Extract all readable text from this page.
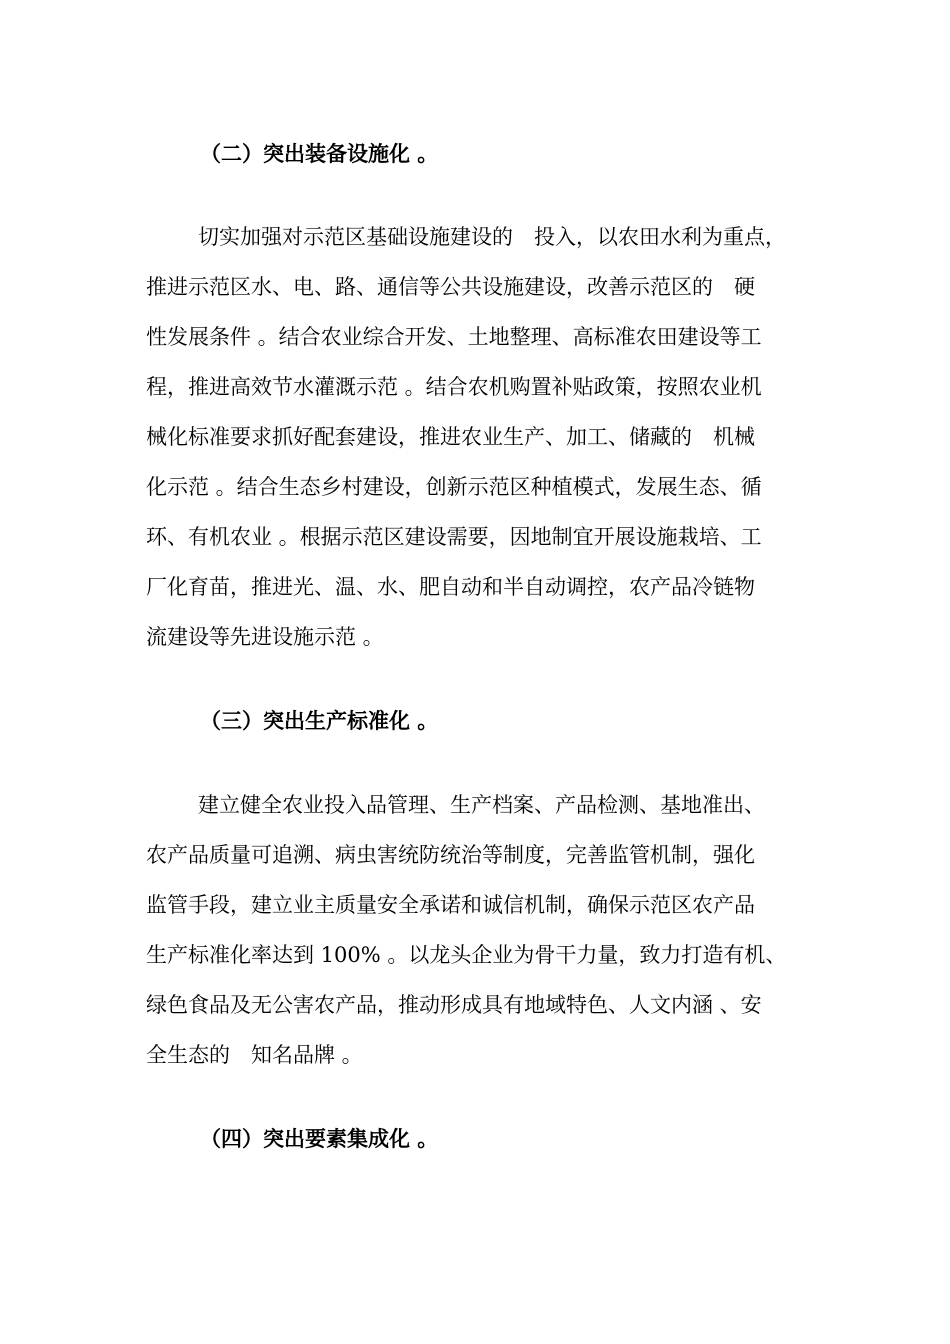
（二）突出装备设施化 。
切实加强对示范区基础设施建设的　投入，以农田水利为重点，
推进示范区水、电、路、通信等公共设施建设，改善示范区的　硬
性发展条件 。结合农业综合开发、土地整理、高标准农田建设等工
程，推进高效节水灌溉示范 。结合农机购置补贴政策，按照农业机
械化标准要求抓好配套建设，推进农业生产、加工、储藏的　机械
化示范 。结合生态乡村建设，创新示范区种植模式，发展生态、循
环、有机农业 。根据示范区建设需要，因地制宜开展设施栽培、工
厂化育苗，推进光、温、水、肥自动和半自动调控，农产品冷链物
流建设等先进设施示范 。
（三）突出生产标准化 。
建立健全农业投入品管理、生产档案、产品检测、基地准出、
农产品质量可追溯、病虫害统防统治等制度，完善监管机制，强化
监管手段，建立业主质量安全承诺和诚信机制，确保示范区农产品
生产标准化率达到 100% 。以龙头企业为骨干力量，致力打造有机、
绿色食品及无公害农产品，推动形成具有地域特色、人文内涵 、安
全生态的　知名品牌 。
（四）突出要素集成化 。
